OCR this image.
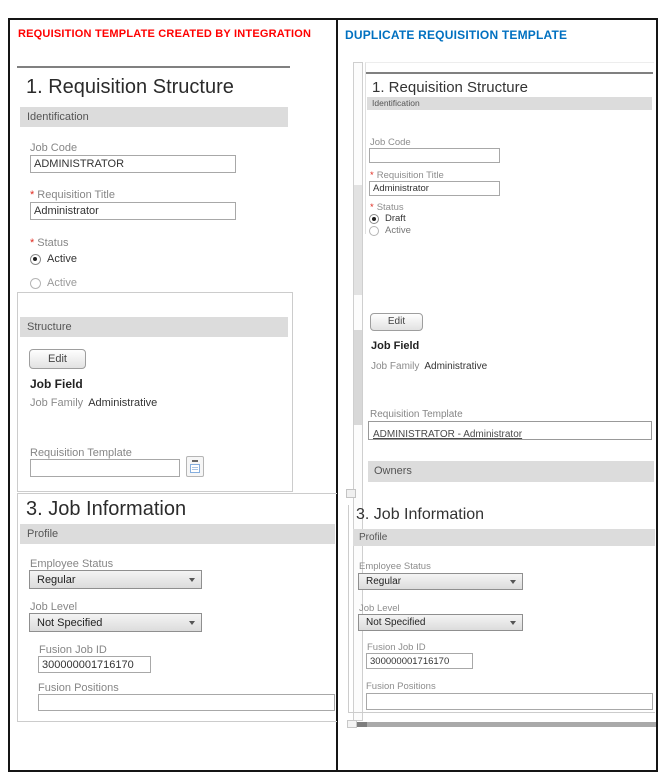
REQUISITION TEMPLATE CREATED BY INTEGRATION
1. Requisition Structure
Identification
Job Code
ADMINISTRATOR
* Requisition Title
Administrator
* Status
Active
Active
Structure
Edit
Job Field
Job Family Administrative
Requisition Template
3. Job Information
Profile
Employee Status
Regular
Job Level
Not Specified
Fusion Job ID
300000001716170
Fusion Positions
DUPLICATE REQUISITION TEMPLATE
1. Requisition Structure
Identification
Job Code
* Requisition Title
Administrator
* Status
Draft
Active
Edit
Job Field
Job Family Administrative
Requisition Template
ADMINISTRATOR - Administrator
Owners
3. Job Information
Profile
Employee Status
Regular
Job Level
Not Specified
Fusion Job ID
300000001716170
Fusion Positions
